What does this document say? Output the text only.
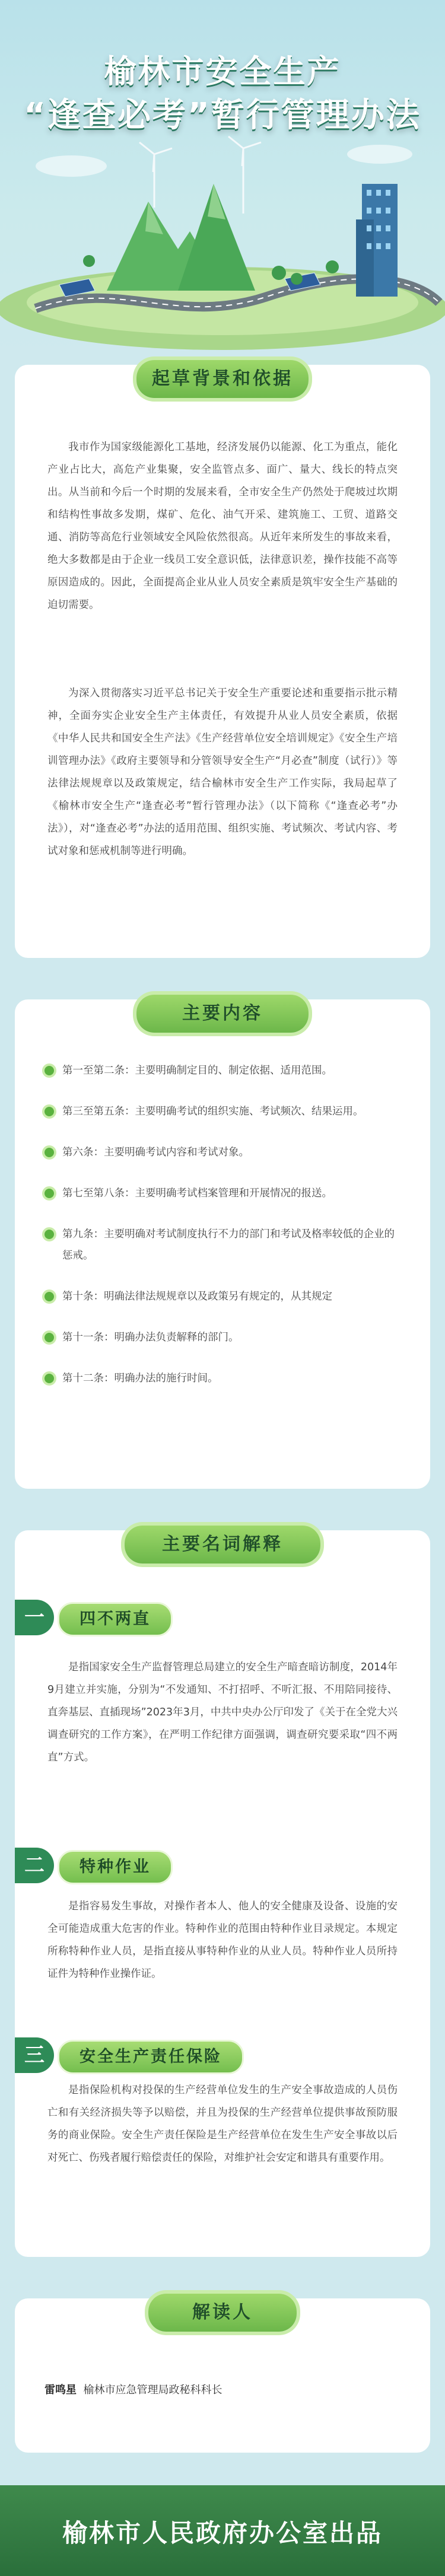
榆林市安全生产
“逢查必考”暂行管理办法
起草背景和依据
我市作为国家级能源化工基地，经济发展仍以能源、化工为重点，能化产业占比大，高危产业集聚，安全监管点多、面广、量大、线长的特点突出。从当前和今后一个时期的发展来看，全市安全生产仍然处于爬坡过坎期和结构性事故多发期，煤矿、危化、油气开采、建筑施工、工贸、道路交通、消防等高危行业领域安全风险依然很高。从近年来所发生的事故来看，绝大多数都是由于企业一线员工安全意识低，法律意识差，操作技能不高等原因造成的。因此，全面提高企业从业人员安全素质是筑牢安全生产基础的迫切需要。
为深入贯彻落实习近平总书记关于安全生产重要论述和重要指示批示精神，全面夯实企业安全生产主体责任，有效提升从业人员安全素质，依据《中华人民共和国安全生产法》《生产经营单位安全培训规定》《安全生产培训管理办法》《政府主要领导和分管领导安全生产“月必查”制度（试行）》等法律法规规章以及政策规定，结合榆林市安全生产工作实际，我局起草了《榆林市安全生产“逢查必考”暂行管理办法》（以下简称《“逢查必考”办法》），对“逢查必考”办法的适用范围、组织实施、考试频次、考试内容、考试对象和惩戒机制等进行明确。
主要内容
第一至第二条：主要明确制定目的、制定依据、适用范围。
第三至第五条：主要明确考试的组织实施、考试频次、结果运用。
第六条：主要明确考试内容和考试对象。
第七至第八条：主要明确考试档案管理和开展情况的报送。
第九条：主要明确对考试制度执行不力的部门和考试及格率较低的企业的惩戒。
第十条：明确法律法规规章以及政策另有规定的，从其规定
第十一条：明确办法负责解释的部门。
第十二条：明确办法的施行时间。
主要名词解释
一	四不两直
是指国家安全生产监督管理总局建立的安全生产暗查暗访制度，2014年9月建立并实施，分别为“不发通知、不打招呼、不听汇报、不用陪同接待、直奔基层、直插现场”2023年3月，中共中央办公厅印发了《关于在全党大兴调查研究的工作方案》，在严明工作纪律方面强调，调查研究要采取“四不两直”方式。
二	特种作业
是指容易发生事故，对操作者本人、他人的安全健康及设备、设施的安全可能造成重大危害的作业。特种作业的范围由特种作业目录规定。本规定所称特种作业人员，是指直接从事特种作业的从业人员。特种作业人员所持证件为特种作业操作证。
三	安全生产责任保险
是指保险机构对投保的生产经营单位发生的生产安全事故造成的人员伤亡和有关经济损失等予以赔偿，并且为投保的生产经营单位提供事故预防服务的商业保险。安全生产责任保险是生产经营单位在发生生产安全事故以后对死亡、伤残者履行赔偿责任的保险，对维护社会安定和谐具有重要作用。
解读人
雷鸣星 榆林市应急管理局政秘科科长
榆林市人民政府办公室出品
